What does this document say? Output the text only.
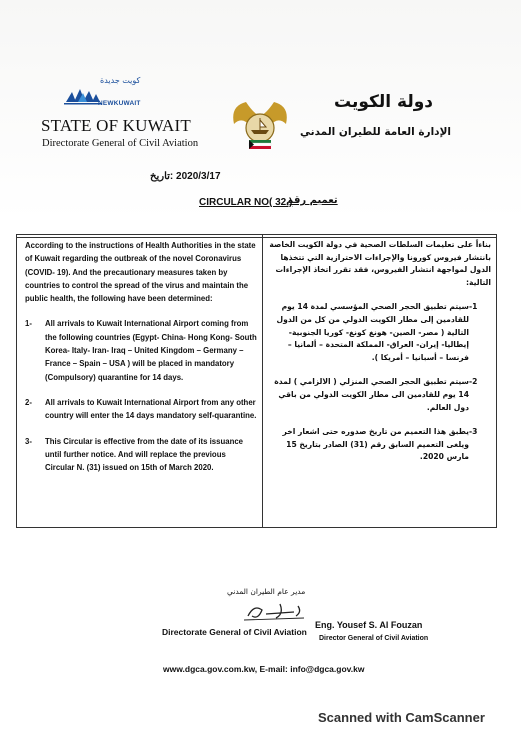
كويت جديدة
NEWKUWAIT
STATE OF KUWAIT
Directorate General of Civil Aviation
دولة الكويت
الإدارة العامة للطيران المدني
2020/3/17 :تاريخ
CIRCULAR NO( 32 )
تعميم رقم

According to the instructions of Health Authorities in the state of Kuwait regarding the outbreak of the novel Coronavirus (COVID- 19). And the precautionary measures taken by countries to control the spread of the virus and maintain the public health, the following have been determined:

1-	All arrivals to Kuwait International Airport coming from the following countries (Egypt- China- Hong Kong- South Korea- Italy- Iran- Iraq – United Kingdom – Germany – France – Spain – USA ) will be placed in mandatory (Compulsory) quarantine for 14 days.
2-	All arrivals to Kuwait International Airport from any other country will enter the 14 days mandatory self-quarantine.
3-	This Circular is effective from the date of its issuance until further notice. And will replace the previous Circular N. (31) issued on 15th of March 2020.

بناءاً على تعليمات السلطات الصحية في دولة الكويت الخاصة بانتشار فيروس كورونا والإجراءات الاحترازية التي تتخذها الدول لمواجهة انتشار الفيروس، فقد تقرر اتخاذ الإجراءات التالية:

-1
سيتم تطبيق الحجر الصحي المؤسسي لمدة 14 يوم للقادمين إلى مطار الكويت الدولي من كل من الدول التالية ( مصر- الصين- هونغ كونغ- كوريا الجنوبية- إيطاليا- إيران- العراق- المملكة المتحدة – ألمانيا – فرنسا – أسبانيا – أمريكا ).
-2
سيتم تطبيق الحجر الصحي المنزلي ( الالزامي ) لمدة 14 يوم للقادمين الى مطار الكويت الدولي من باقي دول العالم.
-3
يطبق هذا التعميم من تاريخ صدوره حتى اشعار اخر ويلغى التعميم السابق رقم (31) الصادر بتاريخ 15 مارس 2020.
مدير عام الطيران المدني
Eng. Yousef S. Al Fouzan
Director General of Civil Aviation
Directorate General of Civil Aviation
www.dgca.gov.com.kw, E-mail: info@dgca.gov.kw
Scanned with CamScanner
